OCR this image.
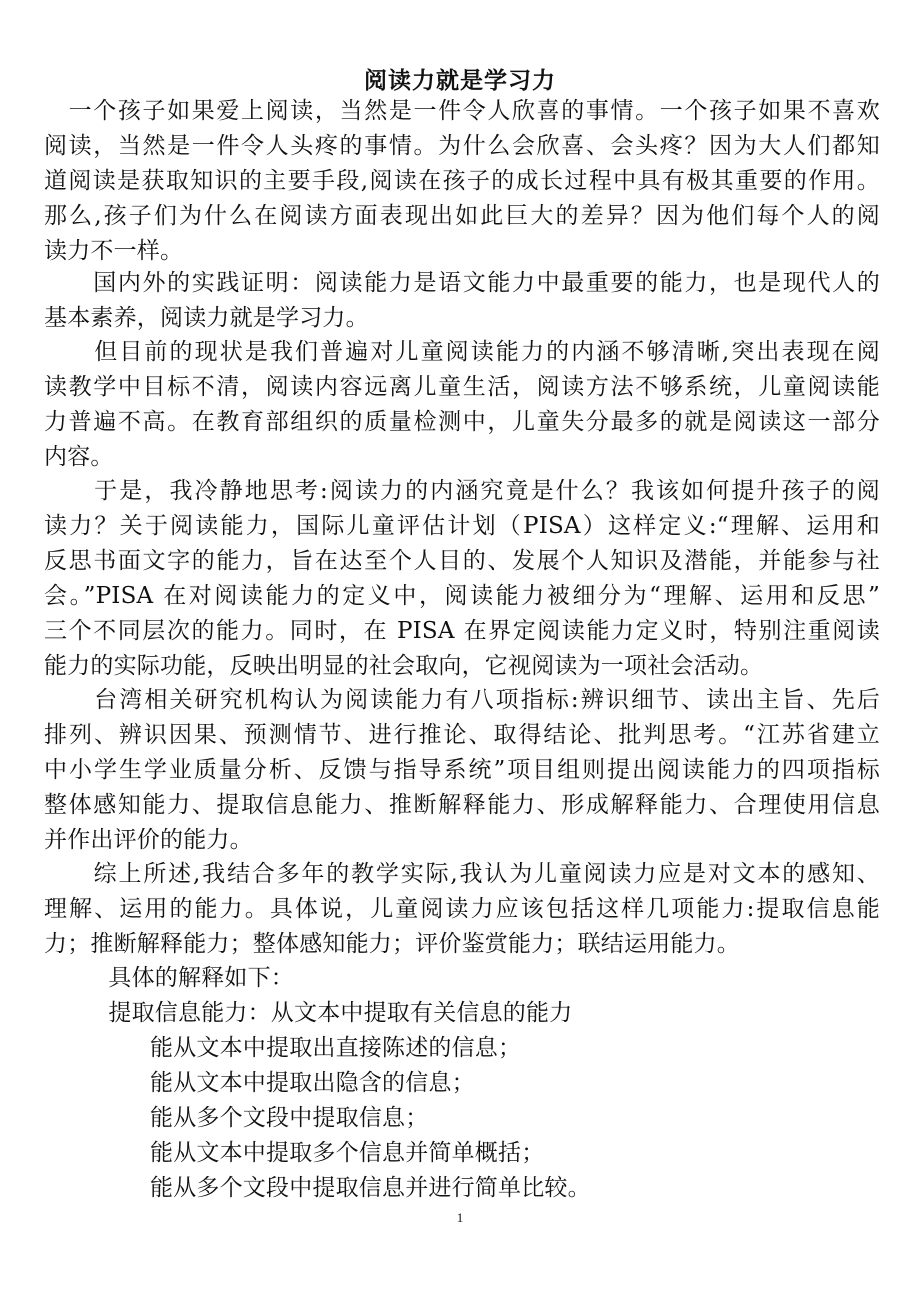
阅读力就是学习力
　一个孩子如果爱上阅读，当然是一件令人欣喜的事情。一个孩子如果不喜欢
阅读，当然是一件令人头疼的事情。为什么会欣喜、会头疼？因为大人们都知
道阅读是获取知识的主要手段,阅读在孩子的成长过程中具有极其重要的作用。
那么,孩子们为什么在阅读方面表现出如此巨大的差异？因为他们每个人的阅
读力不一样。
　　国内外的实践证明：阅读能力是语文能力中最重要的能力，也是现代人的
基本素养，阅读力就是学习力。
　　但目前的现状是我们普遍对儿童阅读能力的内涵不够清晰,突出表现在阅
读教学中目标不清，阅读内容远离儿童生活，阅读方法不够系统，儿童阅读能
力普遍不高。在教育部组织的质量检测中，儿童失分最多的就是阅读这一部分
内容。
　　于是，我冷静地思考:阅读力的内涵究竟是什么？我该如何提升孩子的阅
读力？关于阅读能力，国际儿童评估计划（PISA）这样定义:“理解、运用和
反思书面文字的能力，旨在达至个人目的、发展个人知识及潜能，并能参与社
会。”PISA 在对阅读能力的定义中，阅读能力被细分为“理解、运用和反思”
三个不同层次的能力。同时，在 PISA 在界定阅读能力定义时，特别注重阅读
能力的实际功能，反映出明显的社会取向，它视阅读为一项社会活动。
　　台湾相关研究机构认为阅读能力有八项指标:辨识细节、读出主旨、先后
排列、辨识因果、预测情节、进行推论、取得结论、批判思考。“江苏省建立
中小学生学业质量分析、反馈与指导系统”项目组则提出阅读能力的四项指标
整体感知能力、提取信息能力、推断解释能力、形成解释能力、合理使用信息
并作出评价的能力。
　　综上所述,我结合多年的教学实际,我认为儿童阅读力应是对文本的感知、
理解、运用的能力。具体说，儿童阅读力应该包括这样几项能力:提取信息能
力；推断解释能力；整体感知能力；评价鉴赏能力；联结运用能力。
　　具体的解释如下：
　　提取信息能力：从文本中提取有关信息的能力
能从文本中提取出直接陈述的信息；
能从文本中提取出隐含的信息；
能从多个文段中提取信息；
能从文本中提取多个信息并简单概括；
能从多个文段中提取信息并进行简单比较。
1
